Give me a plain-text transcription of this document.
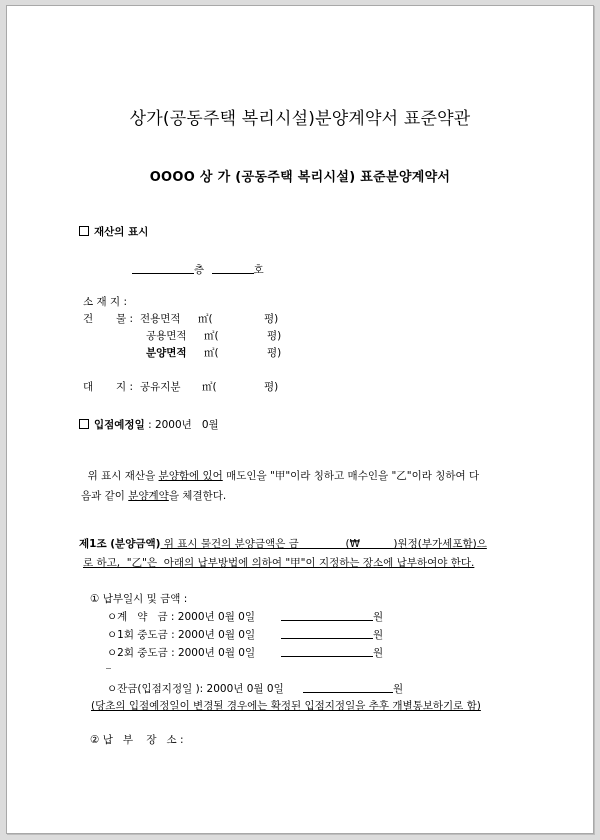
상가(공동주택 복리시설)분양계약서 표준약관
OOOO 상 가 (공동주택 복리시설) 표준분양계약서
재산의 표시
층	호
소 재 지 :
건 물 : 전용면적 ㎡(	평)
공용면적 ㎡(	평)
분양면적 ㎡(	평)
대 지 : 공유지분 ㎡(	평)
입점예정일 : 2000년   0월
위 표시 재산을 분양함에 있어 매도인을 "甲"이라 칭하고 매수인을 "乙"이라 칭하여 다
음과 같이 분양계약을 체결한다.
제1조 (분양금액) 위 표시 물건의 분양금액은 금              (₩          )원정(부가세포함)으
로 하고,  "乙"은  아래의 납부방법에 의하여 "甲"이 지정하는 장소에 납부하여야 한다.
① 납부일시 및 금액 :
ㅇ계   약   금 : 2000년 0월 0일	원
ㅇ1회 중도금 : 2000년 0월 0일	원
ㅇ2회 중도금 : 2000년 0월 0일	원
ㅇ잔금(입점지정일 ): 2000년 0월 0일	원
(당초의 입점예정일이 변경될 경우에는 확정된 입점지정일을 추후 개별통보하기로 함)
② 납   부    장   소 :
